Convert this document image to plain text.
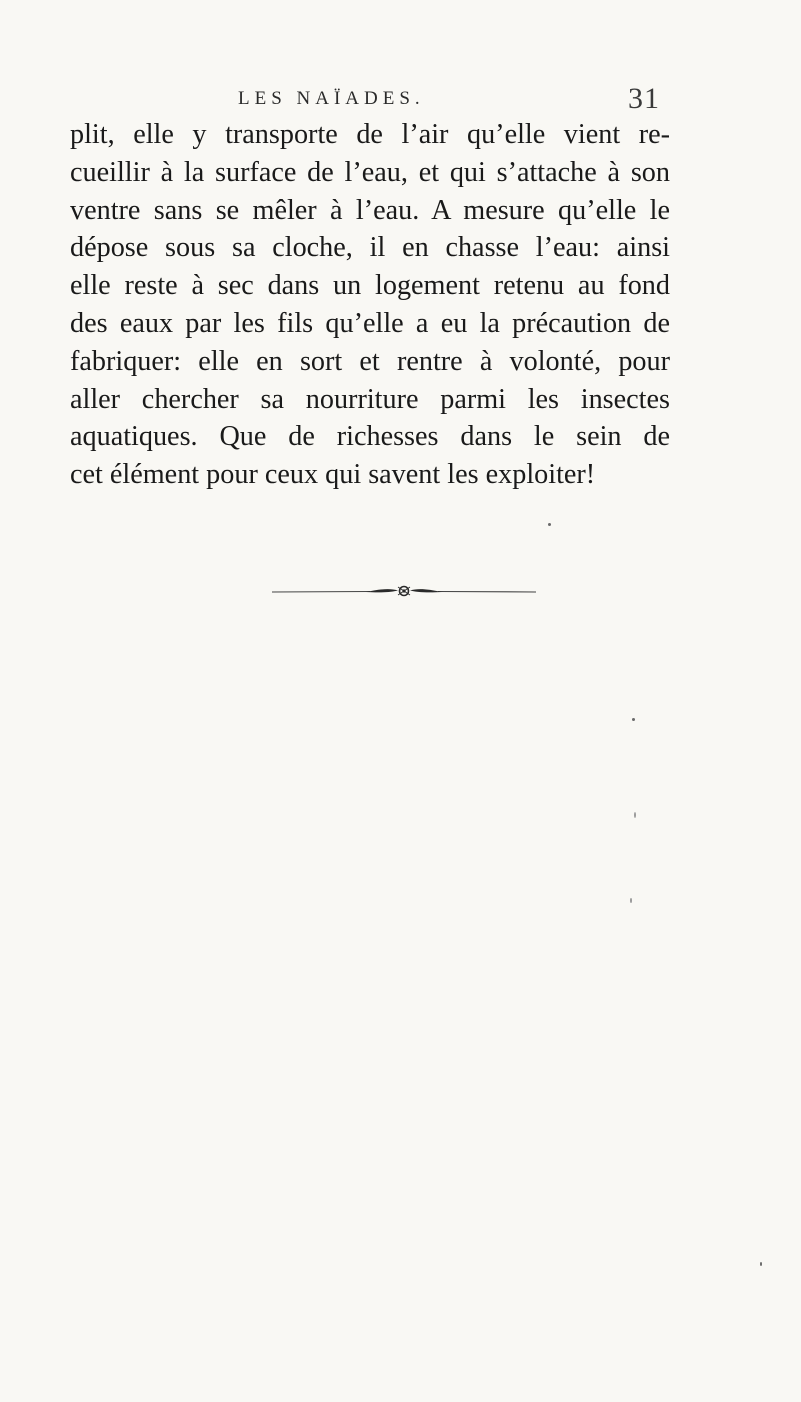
LES NAÏADES.	31
plit, elle y transporte de l’air qu’elle vient re-
cueillir à la surface de l’eau, et qui s’attache à son
ventre sans se mêler à l’eau. A mesure qu’elle le
dépose sous sa cloche, il en chasse l’eau: ainsi
elle reste à sec dans un logement retenu au fond
des eaux par les fils qu’elle a eu la précaution de
fabriquer: elle en sort et rentre à volonté, pour
aller chercher sa nourriture parmi les insectes
aquatiques. Que de richesses dans le sein de
cet élément pour ceux qui savent les exploiter!
